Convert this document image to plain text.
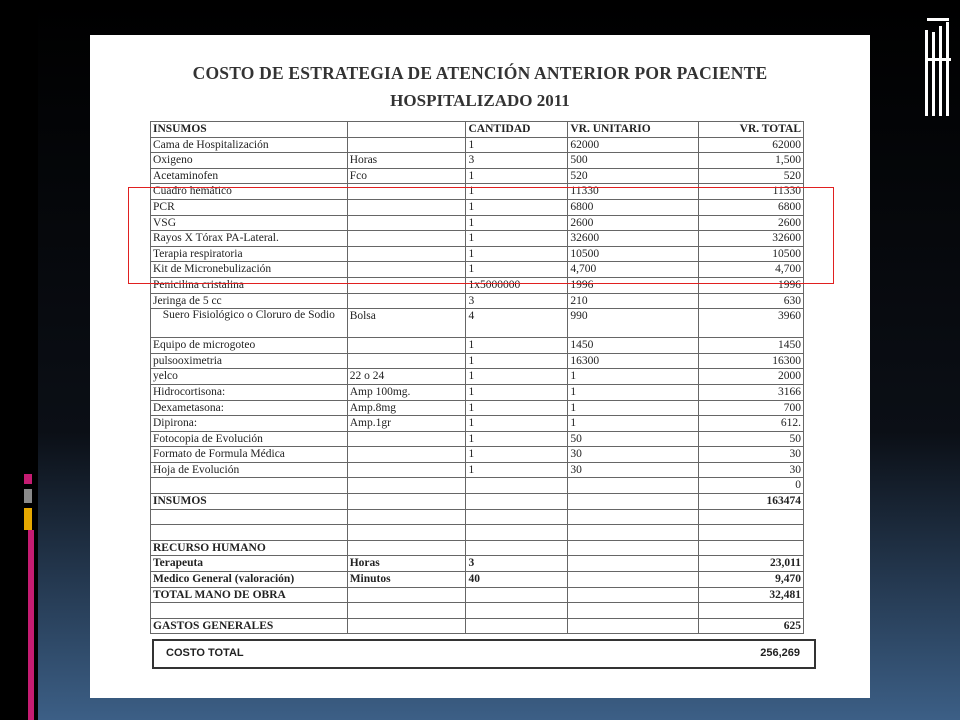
COSTO DE ESTRATEGIA DE ATENCIÓN ANTERIOR POR PACIENTE
HOSPITALIZADO 2011
INSUMOS		CANTIDAD	VR. UNITARIO	VR. TOTAL
Cama de Hospitalización		1	62000	62000
Oxigeno	Horas	3	500	1,500
Acetaminofen	Fco	1	520	520
Cuadro hemático		1	11330	11330
PCR		1	6800	6800
VSG		1	2600	2600
Rayos X Tórax PA-Lateral.		1	32600	32600
Terapia respiratoria		1	10500	10500
Kit de Micronebulización		1	4,700	4,700
Penicilina cristalina		1x5000000	1996	1996
Jeringa de 5 cc		3	210	630
Suero Fisiológico o Cloruro de Sodio	Bolsa	4	990	3960
Equipo de microgoteo		1	1450	1450
pulsooximetria		1	16300	16300
yelco	22 o 24	1	1	2000
Hidrocortisona:	Amp 100mg.	1	1	3166
Dexametasona:	Amp.8mg	1	1	700
Dipirona:	Amp.1gr	1	1	612.
Fotocopia de Evolución		1	50	50
Formato de Formula Médica		1	30	30
Hoja de Evolución		1	30	30
				0
INSUMOS				163474

RECURSO HUMANO				
Terapeuta	Horas	3		23,011
Medico General (valoración)	Minutos	40		9,470
TOTAL MANO DE OBRA				32,481

GASTOS GENERALES				625
COSTO TOTAL	256,269
